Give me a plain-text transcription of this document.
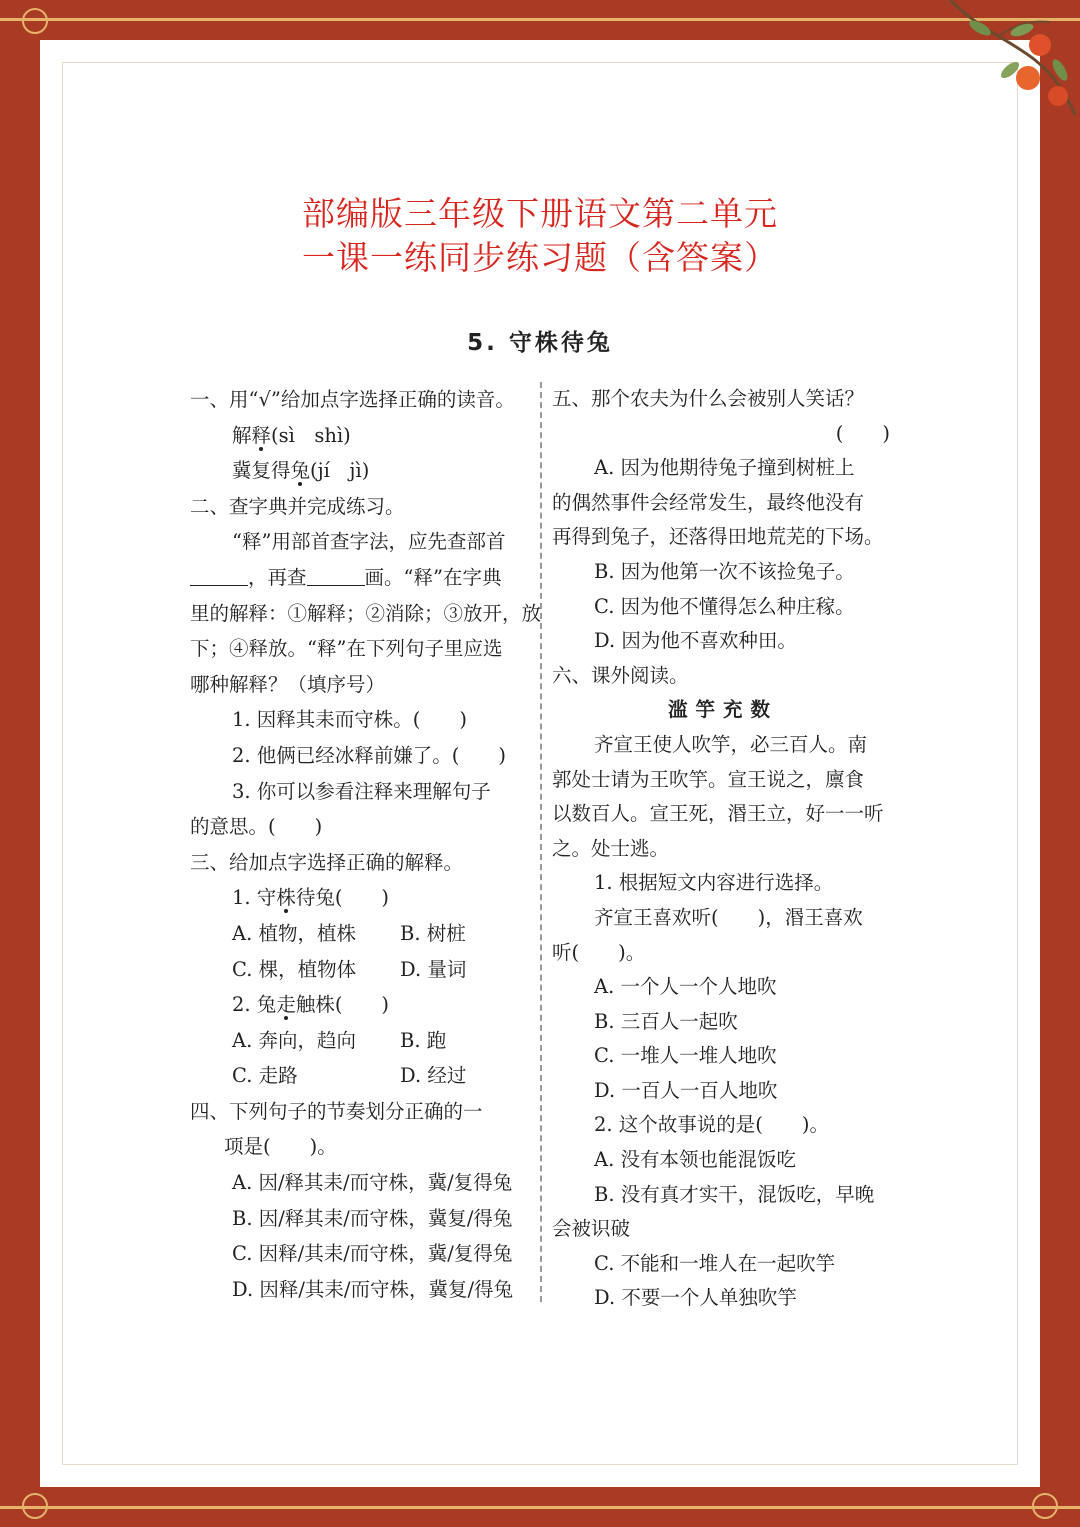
部编版三年级下册语文第二单元
一课一练同步练习题（含答案）
5. 守株待兔

一、用“√”给加点字选择正确的读音。

解释(sì　shì)

冀复得兔(jí　jì)

二、查字典并完成练习。

“释”用部首查字法，应先查部首

，再查	画。“释”在字典

里的解释：①解释；②消除；③放开，放

下；④释放。“释”在下列句子里应选

哪种解释？（填序号）

1. 因释其耒而守株。(　　)

2. 他俩已经冰释前嫌了。(　　)

3. 你可以参看注释来理解句子

的意思。(　　)

三、给加点字选择正确的解释。

1. 守株待兔(　　)

A. 植物，植株 B. 树桩

C. 棵，植物体 D. 量词

2. 兔走触株(　　)

A. 奔向，趋向 B. 跑

C. 走路	D. 经过

四、下列句子的节奏划分正确的一

项是(　　)。

A. 因/释其耒/而守株，冀/复得兔

B. 因/释其耒/而守株，冀复/得兔

C. 因释/其耒/而守株，冀/复得兔

D. 因释/其耒/而守株，冀复/得兔

五、那个农夫为什么会被别人笑话？

(　　)

A. 因为他期待兔子撞到树桩上

的偶然事件会经常发生，最终他没有

再得到兔子，还落得田地荒芜的下场。

B. 因为他第一次不该捡兔子。

C. 因为他不懂得怎么种庄稼。

D. 因为他不喜欢种田。

六、课外阅读。

滥竽充数

齐宣王使人吹竽，必三百人。南

郭处士请为王吹竽。宣王说之，廪食

以数百人。宣王死，湣王立，好一一听

之。处士逃。

1. 根据短文内容进行选择。

齐宣王喜欢听(　　)，湣王喜欢

听(　　)。

A. 一个人一个人地吹

B. 三百人一起吹

C. 一堆人一堆人地吹

D. 一百人一百人地吹

2. 这个故事说的是(　　)。

A. 没有本领也能混饭吃

B. 没有真才实干，混饭吃，早晚

会被识破

C. 不能和一堆人在一起吹竽

D. 不要一个人单独吹竽
